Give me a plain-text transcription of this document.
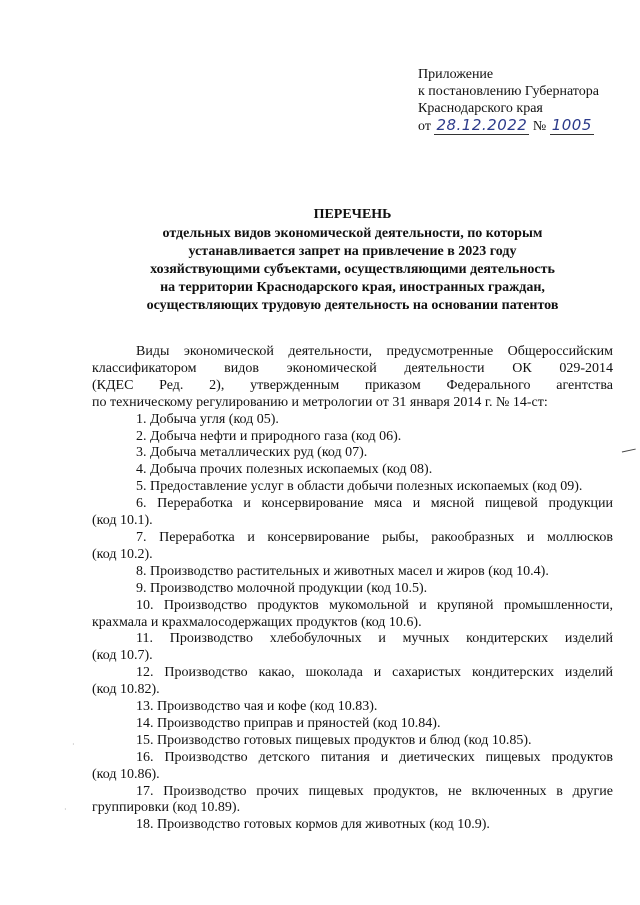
Приложение
к постановлению Губернатора
Краснодарского края
от 28.12.2022 № 1005
ПЕРЕЧЕНЬ
отдельных видов экономической деятельности, по которым
устанавливается запрет на привлечение в 2023 году
хозяйствующими субъектами, осуществляющими деятельность
на территории Краснодарского края, иностранных граждан,
осуществляющих трудовую деятельность на основании патентов
Виды экономической деятельности, предусмотренные Общероссийским
классификатором видов экономической деятельности ОК 029-2014
(КДЕС Ред. 2), утвержденным приказом Федерального агентства
по техническому регулированию и метрологии от 31 января 2014 г. № 14-ст:
1. Добыча угля (код 05).
2. Добыча нефти и природного газа (код 06).
3. Добыча металлических руд (код 07).
4. Добыча прочих полезных ископаемых (код 08).
5. Предоставление услуг в области добычи полезных ископаемых (код 09).
6. Переработка и консервирование мяса и мясной пищевой продукции
(код 10.1).
7. Переработка и консервирование рыбы, ракообразных и моллюсков
(код 10.2).
8. Производство растительных и животных масел и жиров (код 10.4).
9. Производство молочной продукции (код 10.5).
10. Производство продуктов мукомольной и крупяной промышленности,
крахмала и крахмалосодержащих продуктов (код 10.6).
11. Производство хлебобулочных и мучных кондитерских изделий
(код 10.7).
12. Производство какао, шоколада и сахаристых кондитерских изделий
(код 10.82).
13. Производство чая и кофе (код 10.83).
14. Производство приправ и пряностей (код 10.84).
15. Производство готовых пищевых продуктов и блюд (код 10.85).
16. Производство детского питания и диетических пищевых продуктов
(код 10.86).
17. Производство прочих пищевых продуктов, не включенных в другие
группировки (код 10.89).
18. Производство готовых кормов для животных (код 10.9).
·
·
